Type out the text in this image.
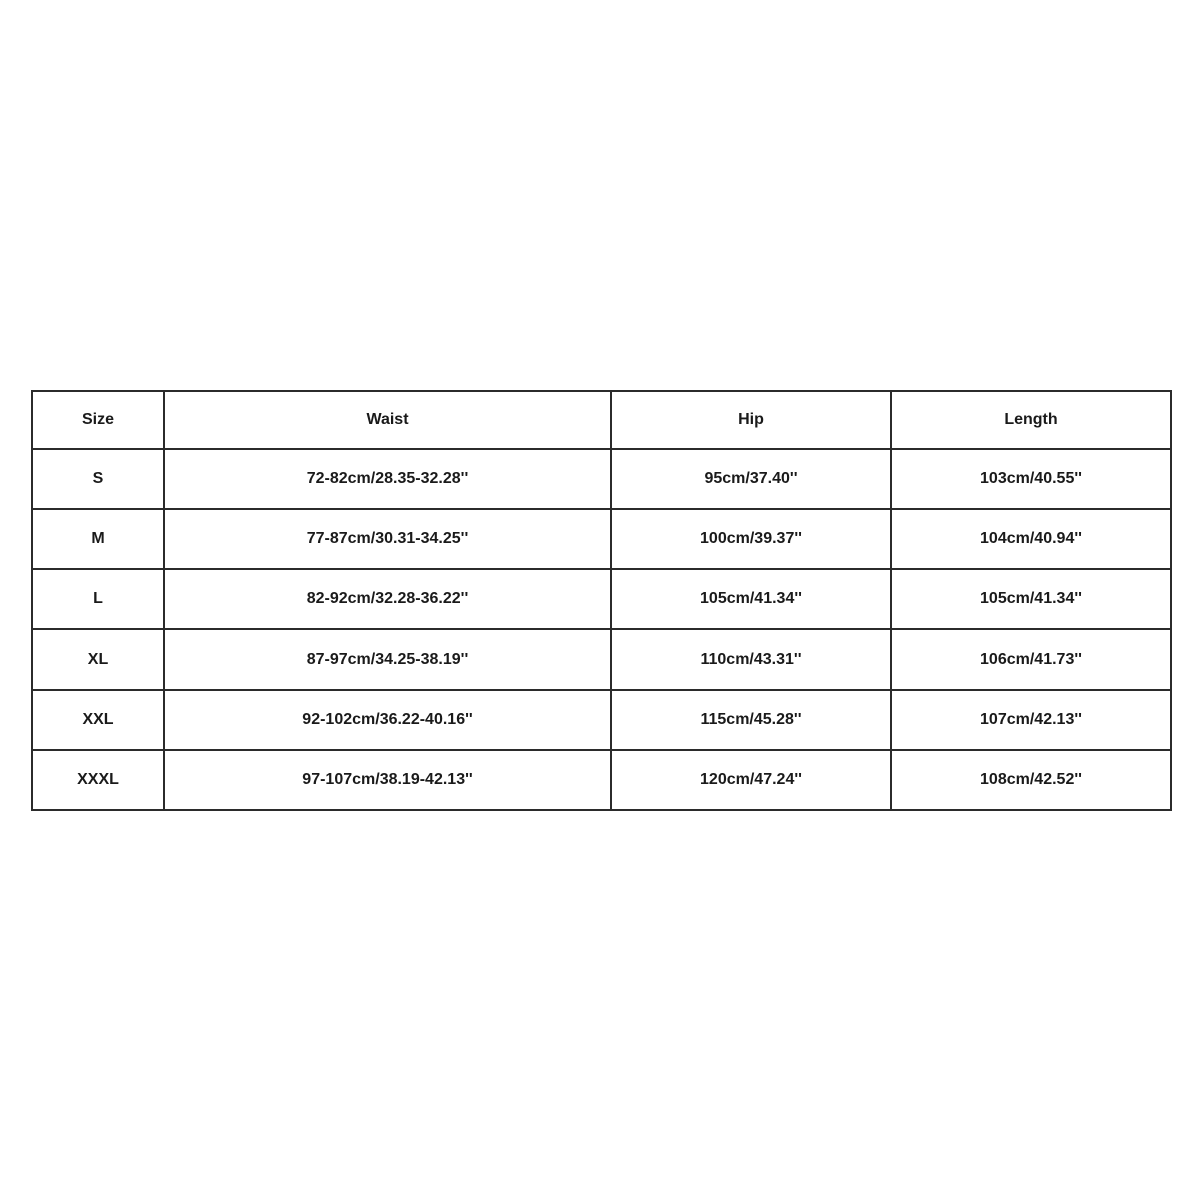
Size	Waist	Hip	Length
S	72-82cm/28.35-32.28''	95cm/37.40''	103cm/40.55''
M	77-87cm/30.31-34.25''	100cm/39.37''	104cm/40.94''
L	82-92cm/32.28-36.22''	105cm/41.34''	105cm/41.34''
XL	87-97cm/34.25-38.19''	110cm/43.31''	106cm/41.73''
XXL	92-102cm/36.22-40.16''	115cm/45.28''	107cm/42.13''
XXXL	97-107cm/38.19-42.13''	120cm/47.24''	108cm/42.52''
